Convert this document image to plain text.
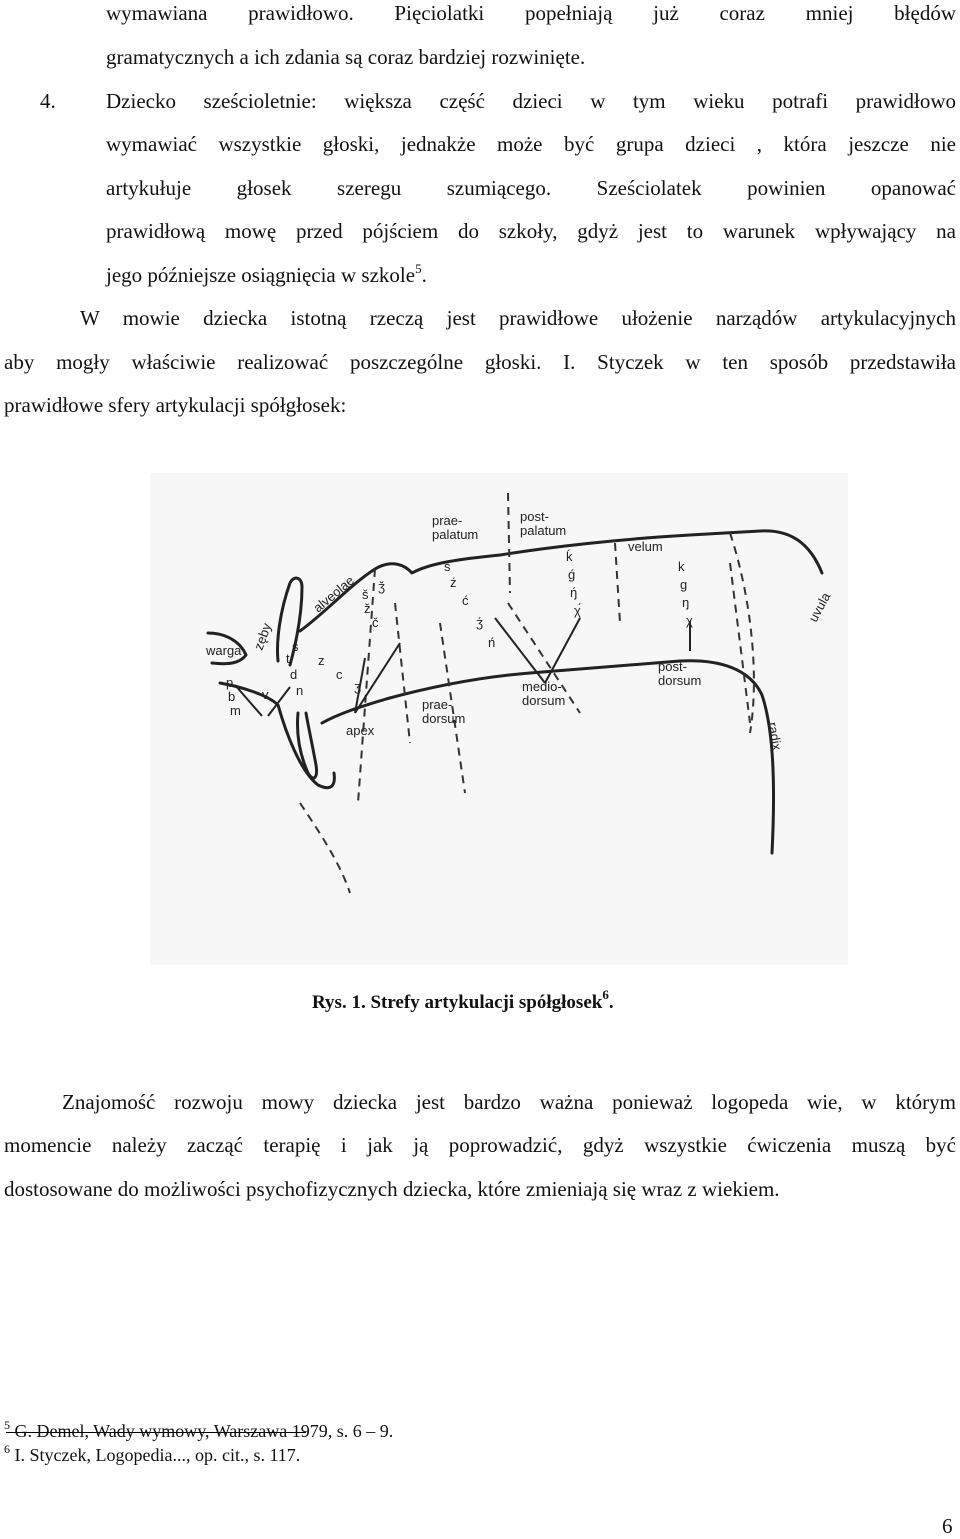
wymawiana prawidłowo. Pięciolatki popełniają już coraz mniej błędów
gramatycznych a ich zdania są coraz bardziej rozwinięte.
4. Dziecko sześcioletnie: większa część dzieci w tym wieku potrafi prawidłowo
wymawiać wszystkie głoski, jednakże może być grupa dzieci , która jeszcze nie
artykułuje głosek szeregu szumiącego. Sześciolatek powinien opanować
prawidłową mowę przed pójściem do szkoły, gdyż jest to warunek wpływający na
jego późniejsze osiągnięcia w szkole$^5$.
W mowie dziecka istotną rzeczą jest prawidłowe ułożenie narządów artykulacyjnych
aby mogły właściwie realizować poszczególne głoski. I. Styczek w ten sposób przedstawiła
prawidłowe sfery artykulacji spółgłosek:
prae-
palatum
post-
palatum
velum
uvula
alveolae
zęby
warga
apex
prae-
dorsum
medio-
dorsum
post-
dorsum
radix
p
b
m
v
t
d
n
s
z
c
ʒ
š
ž
č
ǯ
ś
ź
ć
ʒ́
ń
ḱ
ǵ
ŋ́
χ́
k
g
ŋ
χ
Rys. 1. Strefy artykulacji spółgłosek$^6$.
Znajomość rozwoju mowy dziecka jest bardzo ważna ponieważ logopeda wie, w którym
momencie należy zacząć terapię i jak ją poprowadzić, gdyż wszystkie ćwiczenia muszą być
dostosowane do możliwości psychofizycznych dziecka, które zmieniają się wraz z wiekiem.
$^5$ G. Demel, Wady wymowy, Warszawa 1979, s. 6 – 9.
$^6$ I. Styczek, Logopedia..., op. cit., s. 117.
6
